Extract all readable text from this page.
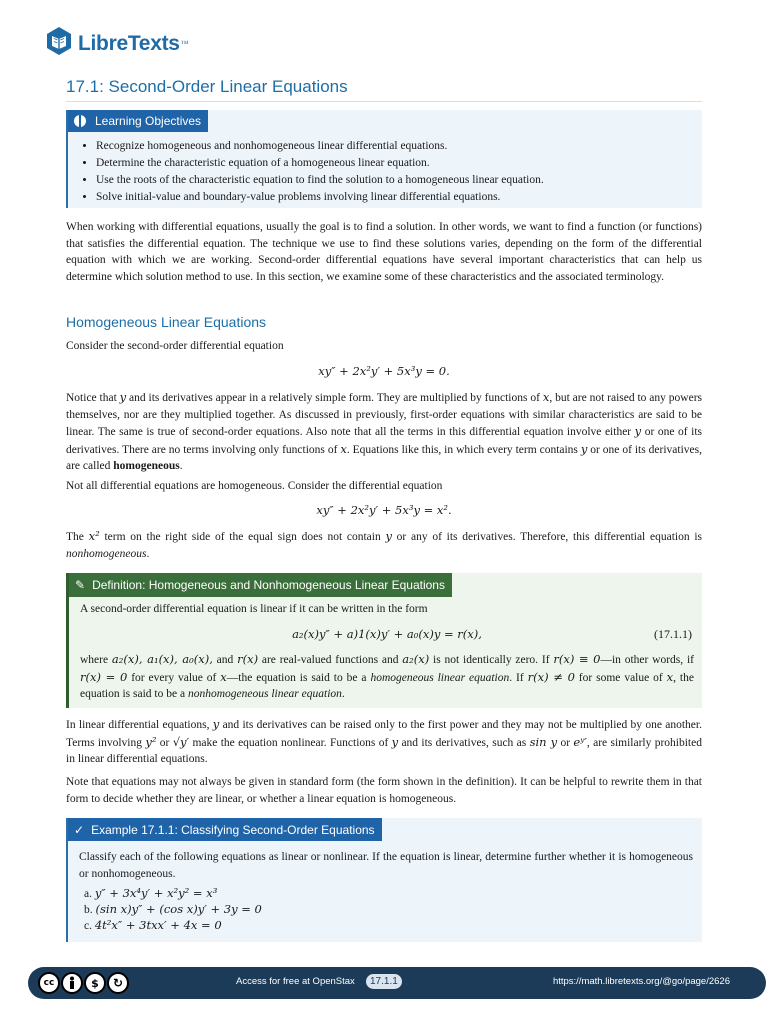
LibreTexts ™
17.1: Second-Order Linear Equations
Learning Objectives
• Recognize homogeneous and nonhomogeneous linear differential equations.
• Determine the characteristic equation of a homogeneous linear equation.
• Use the roots of the characteristic equation to find the solution to a homogeneous linear equation.
• Solve initial-value and boundary-value problems involving linear differential equations.

When working with differential equations, usually the goal is to find a solution. In other words, we want to find a function (or functions) that satisfies the differential equation. The technique we use to find these solutions varies, depending on the form of the differential equation with which we are working. Second-order differential equations have several important characteristics that can help us determine which solution method to use. In this section, we examine some of these characteristics and the associated terminology.

Homogeneous Linear Equations

Consider the second-order differential equation

xy″ + 2x²y′ + 5x³y = 0.

Notice that y and its derivatives appear in a relatively simple form. They are multiplied by functions of x, but are not raised to any powers themselves, nor are they multiplied together. As discussed in previously, first-order equations with similar characteristics are said to be linear. The same is true of second-order equations. Also note that all the terms in this differential equation involve either y or one of its derivatives. There are no terms involving only functions of x. Equations like this, in which every term contains y or one of its derivatives, are called homogeneous.

Not all differential equations are homogeneous. Consider the differential equation

xy″ + 2x²y′ + 5x³y = x².

The x² term on the right side of the equal sign does not contain y or any of its derivatives. Therefore, this differential equation is nonhomogeneous.

✎ Definition: Homogeneous and Nonhomogeneous Linear Equations

A second-order differential equation is linear if it can be written in the form

a₂(x)y″ + a)1(x)y′ + a₀(x)y = r(x),	(17.1.1)

where a₂(x), a₁(x), a₀(x), and r(x) are real-valued functions and a₂(x) is not identically zero. If r(x) ≡ 0—in other words, if r(x) = 0 for every value of x—the equation is said to be a homogeneous linear equation. If r(x) ≠ 0 for some value of x, the equation is said to be a nonhomogeneous linear equation.

In linear differential equations, y and its derivatives can be raised only to the first power and they may not be multiplied by one another. Terms involving y² or √y′ make the equation nonlinear. Functions of y and its derivatives, such as sin y or eʸ′, are similarly prohibited in linear differential equations.

Note that equations may not always be given in standard form (the form shown in the definition). It can be helpful to rewrite them in that form to decide whether they are linear, or whether a linear equation is homogeneous.

✓ Example 17.1.1: Classifying Second-Order Equations

Classify each of the following equations as linear or nonlinear. If the equation is linear, determine further whether it is homogeneous or nonhomogeneous.

a. y″ + 3x⁴y′ + x²y² = x³
b. (sin x)y″ + (cos x)y′ + 3y = 0
c. 4t²x″ + 3txx′ + 4x = 0
cc	$	↻	Access for free at OpenStax	17.1.1	https://math.libretexts.org/@go/page/2626
